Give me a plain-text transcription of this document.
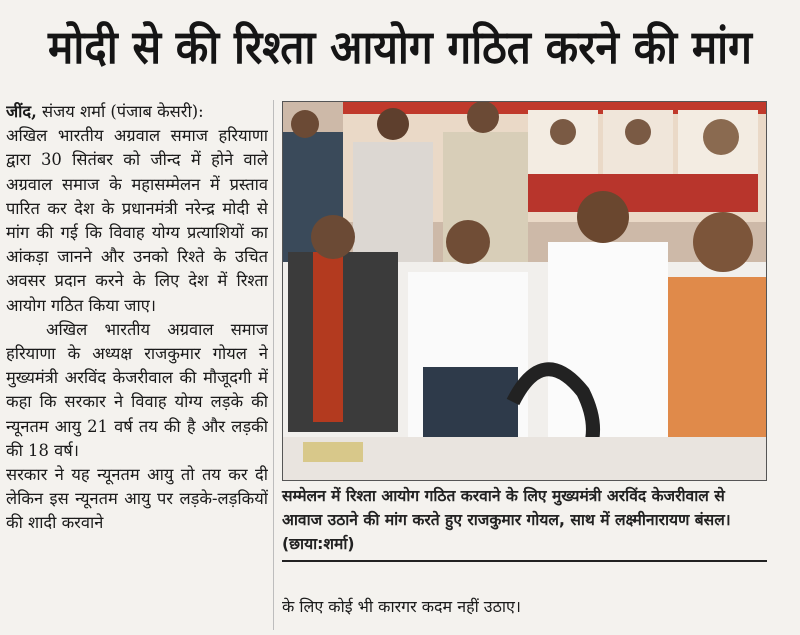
मोदी से की रिश्ता आयोग गठित करने की मांग

जींद, संजय शर्मा (पंजाब केसरी):

अखिल भारतीय अग्रवाल समाज हरियाणा द्वारा 30 सितंबर को जीन्द में होने वाले अग्रवाल समाज के महासम्मेलन में प्रस्ताव पारित कर देश के प्रधानमंत्री नरेन्द्र मोदी से मांग की गई कि विवाह योग्य प्रत्याशियों का आंकड़ा जानने और उनको रिश्ते के उचित अवसर प्रदान करने के लिए देश में रिश्ता आयोग गठित किया जाए।

अखिल भारतीय अग्रवाल समाज हरियाणा के अध्यक्ष राजकुमार गोयल ने मुख्यमंत्री अरविंद केजरीवाल की मौजूदगी में कहा कि सरकार ने विवाह योग्य लड़के की न्यूनतम आयु 21 वर्ष तय की है और लड़की की 18 वर्ष।

सरकार ने यह न्यूनतम आयु तो तय कर दी लेकिन इस न्यूनतम आयु पर लड़के-लड़कियों की शादी करवाने

सम्मेलन में रिश्ता आयोग गठित करवाने के लिए मुख्यमंत्री अरविंद केजरीवाल से आवाज उठाने की मांग करते हुए राजकुमार गोयल, साथ में लक्ष्मीनारायण बंसल। (छाया:शर्मा)
के लिए कोई भी कारगर कदम नहीं उठाए।
